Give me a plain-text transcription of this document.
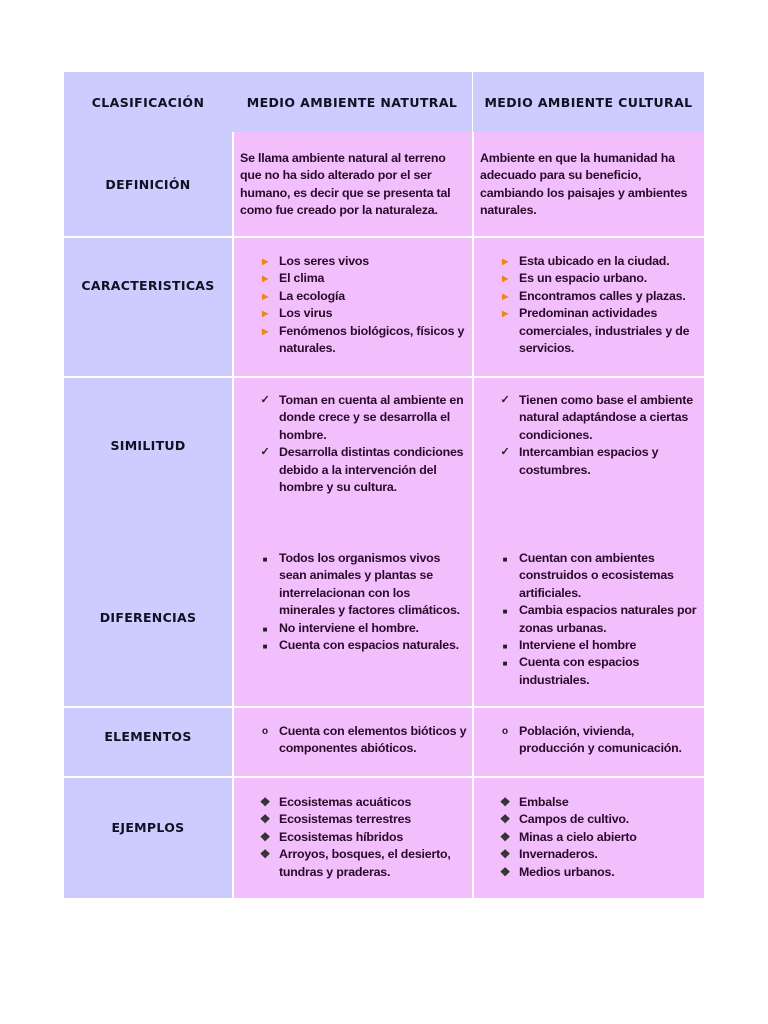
CLASIFICACIÓN	MEDIO AMBIENTE NATUTRAL MEDIO AMBIENTE CULTURAL
DEFINICIÓN
Se llama ambiente natural al terreno que no ha sido alterado por el ser humano, es decir que se presenta tal como fue creado por la naturaleza.
Ambiente en que la humanidad ha adecuado para su beneficio, cambiando los paisajes y ambientes naturales.
CARACTERISTICAS
▸ Los seres vivos
▸ El clima
▸ La ecología
▸ Los virus
▸ Fenómenos biológicos, físicos y naturales.
▸ Esta ubicado en la ciudad.
▸ Es un espacio urbano.
▸ Encontramos calles y plazas.
▸ Predominan actividades comerciales, industriales y de servicios.
SIMILITUD
✓ Toman en cuenta al ambiente en donde crece y se desarrolla el hombre.
✓ Desarrolla distintas condiciones debido a la intervención del hombre y su cultura.
✓ Tienen como base el ambiente natural adaptándose a ciertas condiciones.
✓ Intercambian espacios y costumbres.
DIFERENCIAS
■ Todos los organismos vivos sean animales y plantas se interrelacionan con los minerales y factores climáticos.
■ No interviene el hombre.
■ Cuenta con espacios naturales.
■ Cuentan con ambientes construidos o ecosistemas artificiales.
■ Cambia espacios naturales por zonas urbanas.
■ Interviene el hombre
■ Cuenta con espacios industriales.
ELEMENTOS	o Cuenta con elementos bióticos y componentes abióticos.
o Población, vivienda, producción y comunicación.
EJEMPLOS
❖ Ecosistemas acuáticos
❖ Ecosistemas terrestres
❖ Ecosistemas híbridos
❖ Arroyos, bosques, el desierto, tundras y praderas.
❖ Embalse
❖ Campos de cultivo.
❖ Minas a cielo abierto
❖ Invernaderos.
❖ Medios urbanos.
